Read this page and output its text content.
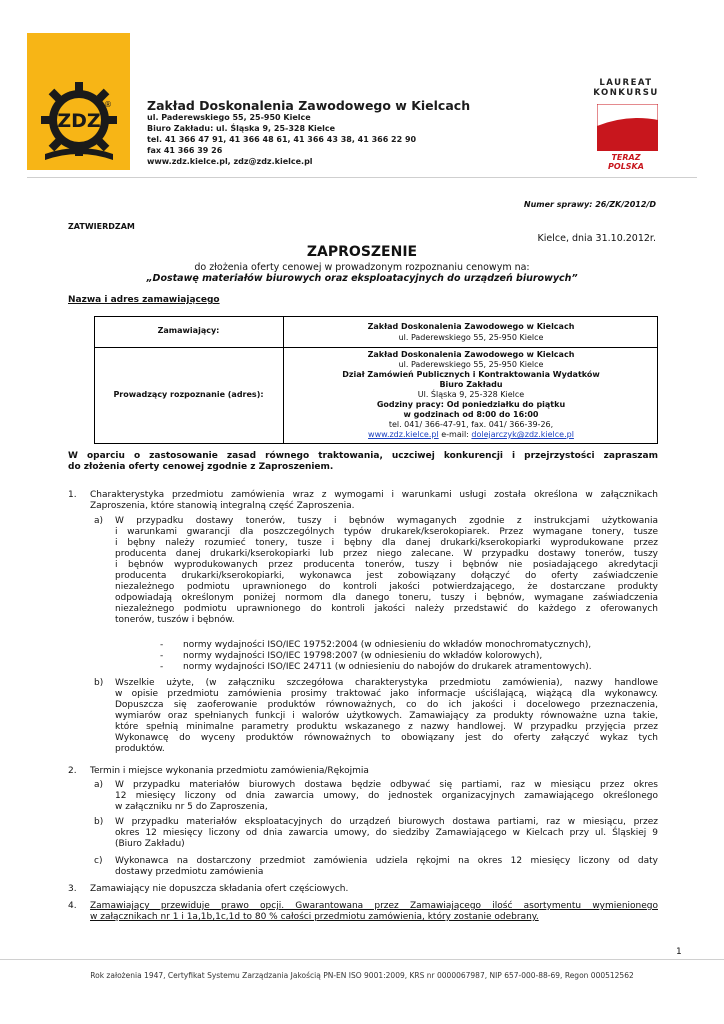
ZDZ
®	Zakład Doskonalenia Zawodowego w Kielcach
ul. Paderewskiego 55, 25-950 Kielce
Biuro Zakładu: ul. Śląska 9, 25-328 Kielce
tel. 41 366 47 91, 41 366 48 61, 41 366 43 38, 41 366 22 90
fax 41 366 39 26
www.zdz.kielce.pl, zdz@zdz.kielce.pl
LAUREAT
KONKURSU
TERAZ POLSKA
Numer sprawy: 26/ZK/2012/D
ZATWIERDZAM
Kielce, dnia 31.10.2012r.
ZAPROSZENIE
do złożenia oferty cenowej w prowadzonym rozpoznaniu cenowym na:
„Dostawę materiałów biurowych oraz eksploatacyjnych do urządzeń biurowych”
Nazwa i adres zamawiającego
Zamawiający:	Zakład Doskonalenia Zawodowego w Kielcach
ul. Paderewskiego 55, 25-950 Kielce
Prowadzący rozpoznanie (adres):
Zakład Doskonalenia Zawodowego w Kielcach
ul. Paderewskiego 55, 25-950 Kielce
Dział Zamówień Publicznych i Kontraktowania Wydatków
Biuro Zakładu
Ul. Śląska 9, 25-328 Kielce
Godziny pracy: Od poniedziałku do piątku
w godzinach od 8:00 do 16:00
tel. 041/ 366-47-91, fax. 041/ 366-39-26,
www.zdz.kielce.pl e-mail: dolejarczyk@zdz.kielce.pl
W oparciu o zastosowanie zasad równego traktowania, uczciwej konkurencji i przejrzystości zapraszam
do złożenia oferty cenowej zgodnie z Zaproszeniem.
1. Charakterystyka przedmiotu zamówienia wraz z wymogami i warunkami usługi została określona w załącznikach
Zaproszenia, które stanowią integralną część Zaproszenia.
a) W przypadku dostawy tonerów, tuszy i bębnów wymaganych zgodnie z instrukcjami użytkowania
i warunkami gwarancji dla poszczególnych typów drukarek/kserokopiarek. Przez wymagane tonery, tusze
i bębny należy rozumieć tonery, tusze i bębny dla danej drukarki/kserokopiarki wyprodukowane przez
producenta danej drukarki/kserokopiarki lub przez niego zalecane. W przypadku dostawy tonerów, tuszy
i bębnów wyprodukowanych przez producenta tonerów, tuszy i bębnów nie posiadającego akredytacji
producenta drukarki/kserokopiarki, wykonawca jest zobowiązany dołączyć do oferty zaświadczenie
niezależnego podmiotu uprawnionego do kontroli jakości potwierdzającego, że dostarczane produkty
odpowiadają określonym poniżej normom dla danego toneru, tuszy i bębnów, wymagane zaświadczenia
niezależnego podmiotu uprawnionego do kontroli jakości należy przedstawić do każdego z oferowanych
tonerów, tuszów i bębnów.
- normy wydajności ISO/IEC 19752:2004 (w odniesieniu do wkładów monochromatycznych),
- normy wydajności ISO/IEC 19798:2007 (w odniesieniu do wkładów kolorowych),
- normy wydajności ISO/IEC 24711 (w odniesieniu do nabojów do drukarek atramentowych).
b) Wszelkie użyte, (w załączniku szczegółowa charakterystyka przedmiotu zamówienia), nazwy handlowe
w opisie przedmiotu zamówienia prosimy traktować jako informacje uściślającą, wiążącą dla wykonawcy.
Dopuszcza się zaoferowanie produktów równoważnych, co do ich jakości i docelowego przeznaczenia,
wymiarów oraz spełnianych funkcji i walorów użytkowych. Zamawiający za produkty równoważne uzna takie,
które spełnią minimalne parametry produktu wskazanego z nazwy handlowej. W przypadku przyjęcia przez
Wykonawcę do wyceny produktów równoważnych to obowiązany jest do oferty załączyć wykaz tych
produktów.
2. Termin i miejsce wykonania przedmiotu zamówienia/Rękojmia
a) W przypadku materiałów biurowych dostawa będzie odbywać się partiami, raz w miesiącu przez okres
12 miesięcy liczony od dnia zawarcia umowy, do jednostek organizacyjnych zamawiającego określonego
w załączniku nr 5 do Zaproszenia,
b) W przypadku materiałów eksploatacyjnych do urządzeń biurowych dostawa partiami, raz w miesiącu, przez
okres 12 miesięcy liczony od dnia zawarcia umowy, do siedziby Zamawiającego w Kielcach przy ul. Śląskiej 9
(Biuro Zakładu)
c) Wykonawca na dostarczony przedmiot zamówienia udziela rękojmi na okres 12 miesięcy liczony od daty
dostawy przedmiotu zamówienia
3. Zamawiający nie dopuszcza składania ofert częściowych.
4. Zamawiający przewiduje prawo opcji. Gwarantowana przez Zamawiającego ilość asortymentu wymienionego
w załącznikach nr 1 i 1a,1b,1c,1d to 80 % całości przedmiotu zamówienia, który zostanie odebrany.
1
Rok założenia 1947, Certyfikat Systemu Zarządzania Jakością PN-EN ISO 9001:2009, KRS nr 0000067987, NIP 657-000-88-69, Regon 000512562
